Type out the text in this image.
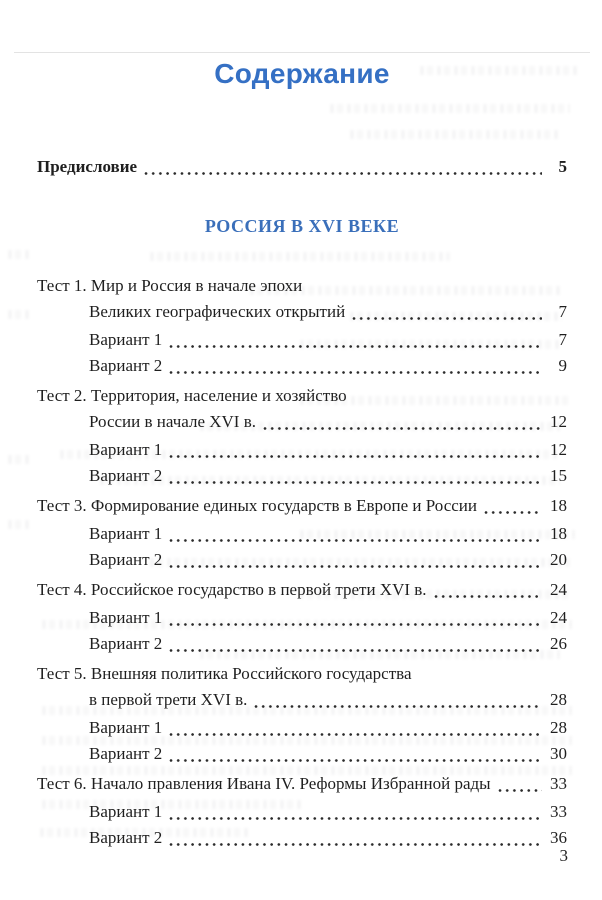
Содержание
Предисловие	5
РОССИЯ В XVI ВЕКЕ
Тест 1. Мир и Россия в начале эпохи
Великих географических открытий	7
Вариант 1	7
Вариант 2	9
Тест 2. Территория, население и хозяйство
России в начале XVI в.	12
Вариант 1	12
Вариант 2	15
Тест 3. Формирование единых государств в Европе и России	18
Вариант 1	18
Вариант 2	20
Тест 4. Российское государство в первой трети XVI в.	24
Вариант 1	24
Вариант 2	26
Тест 5. Внешняя политика Российского государства
в первой трети XVI в.	28
Вариант 1	28
Вариант 2	30
Тест 6. Начало правления Ивана IV. Реформы Избранной рады	33
Вариант 1	33
Вариант 2	36
3
